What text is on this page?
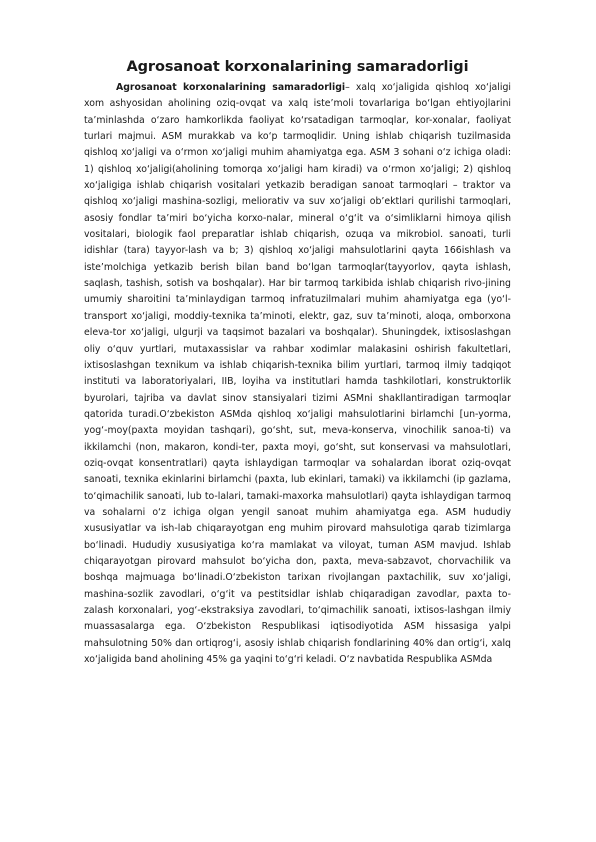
Agrosanoat korxonalarining samaradorligi

Agrosanoat korxonalarining samaradorligi– xalq xo‘jaligida qishloq xo‘jaligi xom ashyosidan aholining oziq-ovqat va xalq iste’moli tovarlariga bo‘lgan ehtiyojlarini ta’minlashda o‘zaro hamkorlikda faoliyat ko‘rsatadigan tarmoqlar, kor-xonalar, faoliyat turlari majmui. ASM murakkab va ko‘p tarmoqlidir. Uning ishlab chiqarish tuzilmasida qishloq xo‘jaligi va o‘rmon xo‘jaligi muhim ahamiyatga ega. ASM 3 sohani o‘z ichiga oladi: 1) qishloq xo‘jaligi(aholining tomorqa xo‘jaligi ham kiradi) va o‘rmon xo‘jaligi; 2) qishloq xo‘jaligiga ishlab chiqarish vositalari yetkazib beradigan sanoat tarmoqlari – traktor va qishloq xo‘jaligi mashina-sozligi, meliorativ va suv xo‘jaligi ob’ektlari qurilishi tarmoqlari, asosiy fondlar ta’miri bo‘yicha korxo-nalar, mineral o‘g‘it va o‘simliklarni himoya qilish vositalari, biologik faol preparatlar ishlab chiqarish, ozuqa va mikrobiol. sanoati, turli idishlar (tara) tayyor-lash va b; 3) qishloq xo‘jaligi mahsulotlarini qayta 166ishlash va iste’molchiga yetkazib berish bilan band bo‘lgan tarmoqlar(tayyorlov, qayta ishlash, saqlash, tashish, sotish va boshqalar). Har bir tarmoq tarkibida ishlab chiqarish rivo-jining umumiy sharoitini ta’minlaydigan tarmoq infratuzilmalari muhim ahamiyatga ega (yo‘l-transport xo‘jaligi, moddiy-texnika ta’minoti, elektr, gaz, suv ta’minoti, aloqa, omborxona eleva-tor xo‘jaligi, ulgurji va taqsimot bazalari va boshqalar). Shuningdek, ixtisoslashgan oliy o‘quv yurtlari, mutaxassislar va rahbar xodimlar malakasini oshirish fakultetlari, ixtisoslashgan texnikum va ishlab chiqarish-texnika bilim yurtlari, tarmoq ilmiy tadqiqot instituti va laboratoriyalari, IIB, loyiha va institutlari hamda tashkilotlari, konstruktorlik byurolari, tajriba va davlat sinov stansiyalari tizimi ASMni shakllantiradigan tarmoqlar qatorida turadi.O‘zbekiston ASMda qishloq xo‘jaligi mahsulotlarini birlamchi [un-yorma, yog‘-moy(paxta moyidan tashqari), go‘sht, sut, meva-konserva, vinochilik sanoa-ti) va ikkilamchi (non, makaron, kondi-ter, paxta moyi, go‘sht, sut konservasi va mahsulotlari, oziq-ovqat konsentratlari) qayta ishlaydigan tarmoqlar va sohalardan iborat oziq-ovqat sanoati, texnika ekinlarini birlamchi (paxta, lub ekinlari, tamaki) va ikkilamchi (ip gazlama, to‘qimachilik sanoati, lub to-lalari, tamaki-maxorka mahsulotlari) qayta ishlaydigan tarmoq va sohalarni o‘z ichiga olgan yengil sanoat muhim ahamiyatga ega. ASM hududiy xususiyatlar va ish-lab chiqarayotgan eng muhim pirovard mahsulotiga qarab tizimlarga bo‘linadi. Hududiy xususiyatiga ko‘ra mamlakat va viloyat, tuman ASM mavjud. Ishlab chiqarayotgan pirovard mahsulot bo‘yicha don, paxta, meva-sabzavot, chorvachilik va boshqa majmuaga bo‘linadi.O‘zbekiston tarixan rivojlangan paxtachilik, suv xo‘jaligi, mashina-sozlik zavodlari, o‘g‘it va pestitsidlar ishlab chiqaradigan zavodlar, paxta to-zalash korxonalari, yog‘-ekstraksiya zavodlari, to‘qimachilik sanoati, ixtisos-lashgan ilmiy muassasalarga ega. O‘zbekiston Respublikasi iqtisodiyotida ASM hissasiga yalpi mahsulotning 50% dan ortiqrog‘i, asosiy ishlab chiqarish fondlarining 40% dan ortig‘i, xalq xo‘jaligida band aholining 45% ga yaqini to‘g‘ri keladi. O‘z navbatida Respublika ASMda
